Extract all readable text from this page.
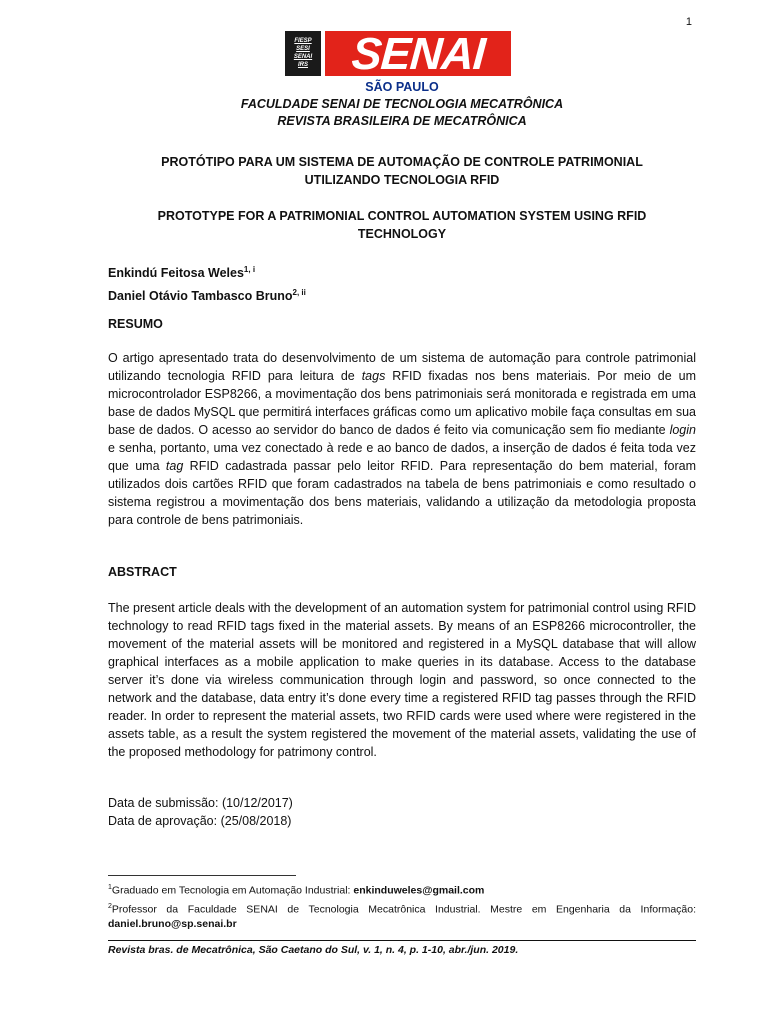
1
FIESP
SESI
SENAI
IRS SENAI
SÃO PAULO
FACULDADE SENAI DE TECNOLOGIA MECATRÔNICA
REVISTA BRASILEIRA DE MECATRÔNICA
PROTÓTIPO PARA UM SISTEMA DE AUTOMAÇÃO DE CONTROLE PATRIMONIAL
UTILIZANDO TECNOLOGIA RFID
PROTOTYPE FOR A PATRIMONIAL CONTROL AUTOMATION SYSTEM USING RFID
TECHNOLOGY
Enkindú Feitosa Weles$^{1, i}$
Daniel Otávio Tambasco Bruno$^{2, ii}$
RESUMO

O artigo apresentado trata do desenvolvimento de um sistema de automação para controle patrimonial utilizando tecnologia RFID para leitura de tags RFID fixadas nos bens materiais. Por meio de um microcontrolador ESP8266, a movimentação dos bens patrimoniais será monitorada e registrada em uma base de dados MySQL que permitirá interfaces gráficas como um aplicativo mobile faça consultas em sua base de dados. O acesso ao servidor do banco de dados é feito via comunicação sem fio mediante login e senha, portanto, uma vez conectado à rede e ao banco de dados, a inserção de dados é feita toda vez que uma tag RFID cadastrada passar pelo leitor RFID. Para representação do bem material, foram utilizados dois cartões RFID que foram cadastrados na tabela de bens patrimoniais e como resultado o sistema registrou a movimentação dos bens materiais, validando a utilização da metodologia proposta para controle de bens patrimoniais.

ABSTRACT

The present article deals with the development of an automation system for patrimonial control using RFID technology to read RFID tags fixed in the material assets. By means of an ESP8266 microcontroller, the movement of the material assets will be monitored and registered in a MySQL database that will allow graphical interfaces as a mobile application to make queries in its database. Access to the database server it’s done via wireless communication through login and password, so once connected to the network and the database, data entry it’s done every time a registered RFID tag passes through the RFID reader. In order to represent the material assets, two RFID cards were used where were registered in the assets table, as a result the system registered the movement of the material assets, validating the use of the proposed methodology for patrimony control.

Data de submissão: (10/12/2017)
Data de aprovação: (25/08/2018)
$^1$Graduado em Tecnologia em Automação Industrial: enkinduweles@gmail.com
$^2$Professor da Faculdade SENAI de Tecnologia Mecatrônica Industrial. Mestre em Engenharia da Informação: daniel.bruno@sp.senai.br
Revista bras. de Mecatrônica, São Caetano do Sul, v. 1, n. 4, p. 1-10, abr./jun. 2019.
